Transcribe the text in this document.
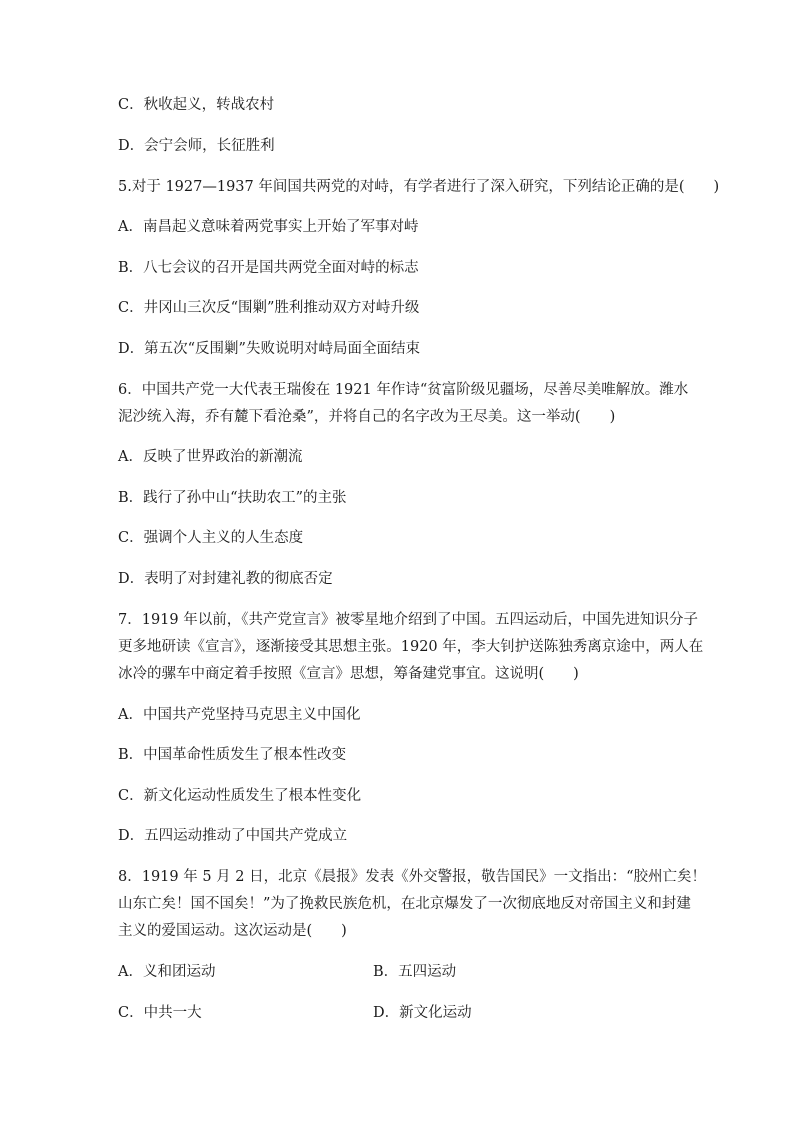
C．秋收起义，转战农村
D．会宁会师，长征胜利
5.对于 1927—1937 年间国共两党的对峙，有学者进行了深入研究，下列结论正确的是(　　)
A．南昌起义意味着两党事实上开始了军事对峙
B．八七会议的召开是国共两党全面对峙的标志
C．井冈山三次反“围剿”胜利推动双方对峙升级
D．第五次“反围剿”失败说明对峙局面全面结束
6．中国共产党一大代表王瑞俊在 1921 年作诗“贫富阶级见疆场，尽善尽美唯解放。潍水
泥沙统入海，乔有麓下看沧桑”，并将自己的名字改为王尽美。这一举动(　　)
A．反映了世界政治的新潮流
B．践行了孙中山“扶助农工”的主张
C．强调个人主义的人生态度
D．表明了对封建礼教的彻底否定
7．1919 年以前，《共产党宣言》被零星地介绍到了中国。五四运动后，中国先进知识分子
更多地研读《宣言》，逐渐接受其思想主张。1920 年，李大钊护送陈独秀离京途中，两人在
冰冷的骡车中商定着手按照《宣言》思想，筹备建党事宜。这说明(　　)
A．中国共产党坚持马克思主义中国化
B．中国革命性质发生了根本性改变
C．新文化运动性质发生了根本性变化
D．五四运动推动了中国共产党成立
8．1919 年 5 月 2 日，北京《晨报》发表《外交警报，敬告国民》一文指出：“胶州亡矣！
山东亡矣！国不国矣！”为了挽救民族危机，在北京爆发了一次彻底地反对帝国主义和封建
主义的爱国运动。这次运动是(　　)
A．义和团运动	B．五四运动
C．中共一大	D．新文化运动
